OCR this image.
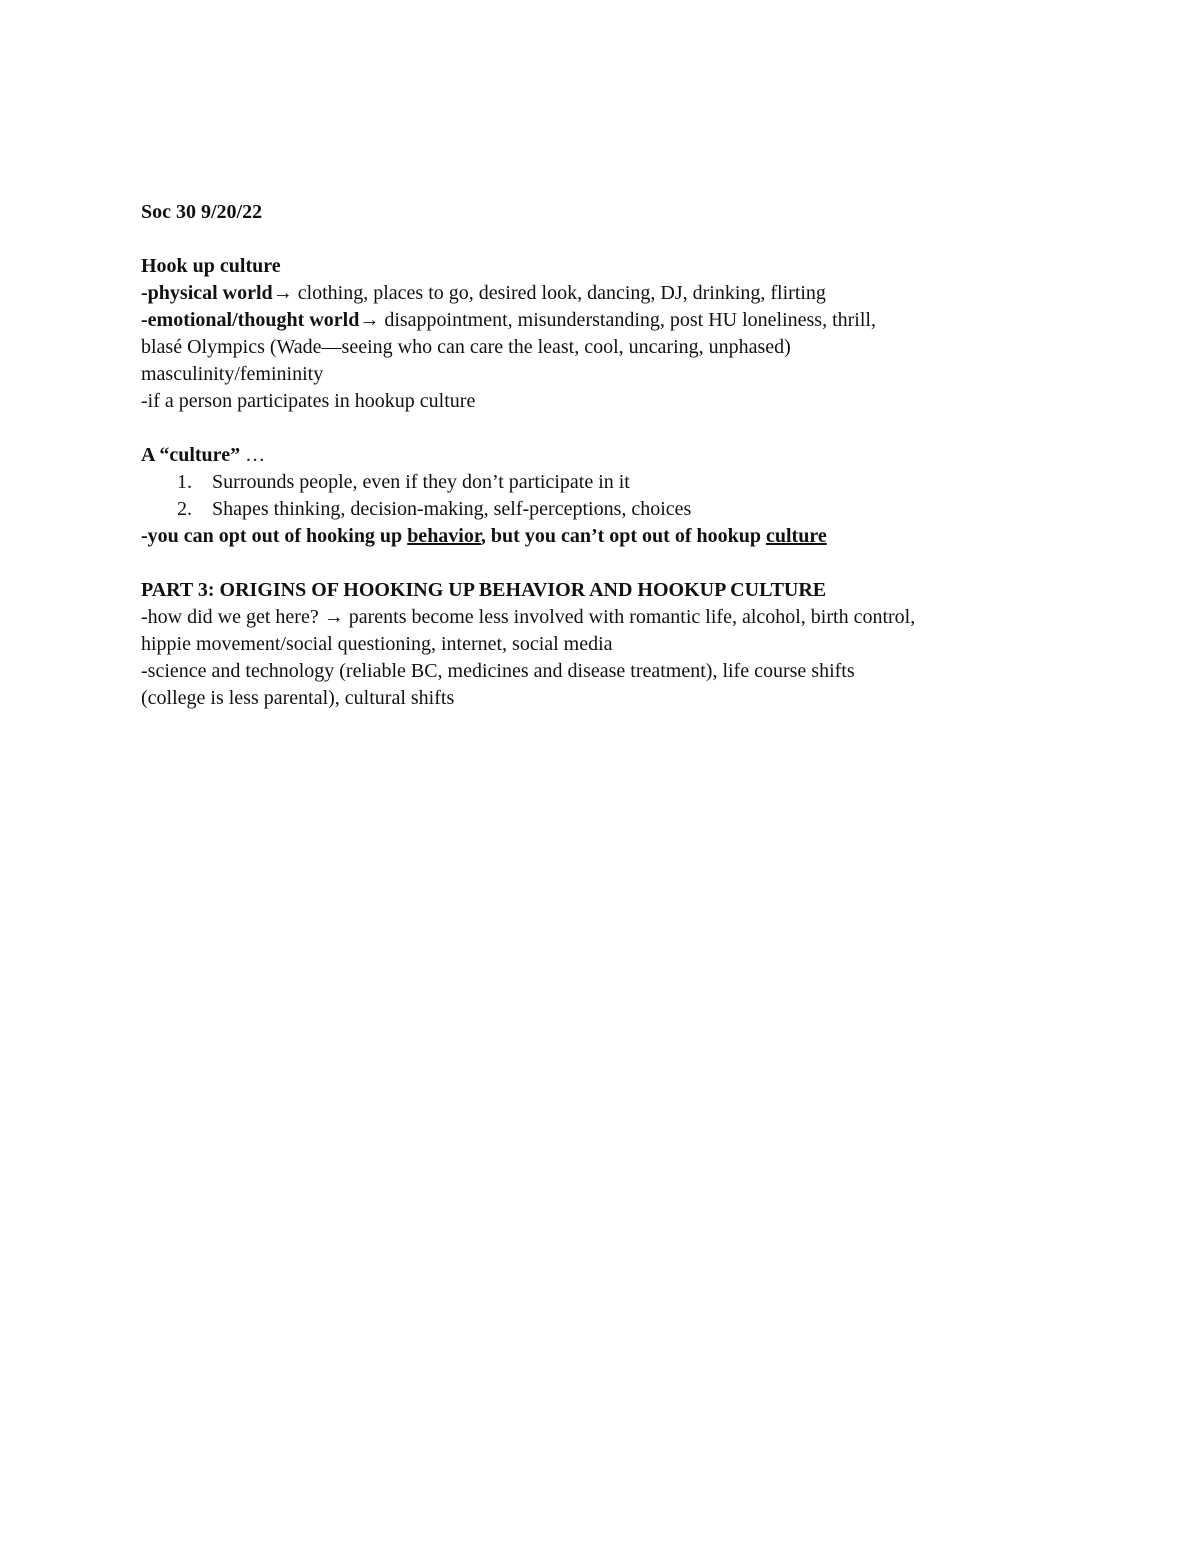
Soc 30 9/20/22
Hook up culture
-physical world→ clothing, places to go, desired look, dancing, DJ, drinking, flirting
-emotional/thought world→ disappointment, misunderstanding, post HU loneliness, thrill,
blasé Olympics (Wade—seeing who can care the least, cool, uncaring, unphased)
masculinity/femininity
-if a person participates in hookup culture
A “culture” …
1. Surrounds people, even if they don’t participate in it
2. Shapes thinking, decision-making, self-perceptions, choices
-you can opt out of hooking up behavior, but you can’t opt out of hookup culture
PART 3: ORIGINS OF HOOKING UP BEHAVIOR AND HOOKUP CULTURE
-how did we get here? → parents become less involved with romantic life, alcohol, birth control,
hippie movement/social questioning, internet, social media
-science and technology (reliable BC, medicines and disease treatment), life course shifts
(college is less parental), cultural shifts
